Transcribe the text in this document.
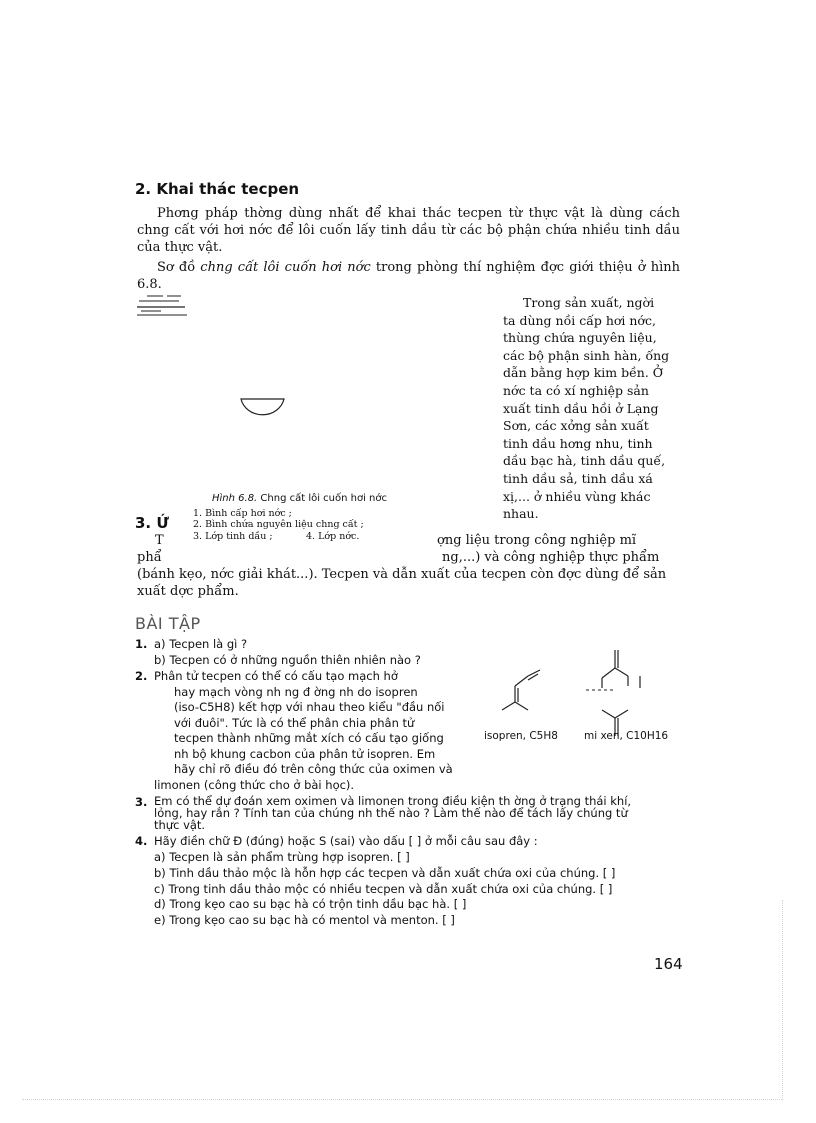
2. Khai thác tecpen
Phơng pháp thờng dùng nhất để khai thác tecpen từ thực vật là dùng cách chng cất với hơi nớc để lôi cuốn lấy tinh dầu từ các bộ phận chứa nhiều tinh dầu của thực vật.
Sơ đồ chng cất lôi cuốn hơi nớc trong phòng thí nghiệm đợc giới thiệu ở hình 6.8.
Trong sản xuất, ngời
ta dùng nồi cấp hơi nớc,
thùng chứa nguyên liệu,
các bộ phận sinh hàn, ống
dẫn bằng hợp kim bền. Ở
nớc ta có xí nghiệp sản
xuất tinh dầu hồi ở Lạng
Sơn, các xởng sản xuất
tinh dầu hơng nhu, tinh
dầu bạc hà, tinh dầu quế,
tinh dầu sả, tinh dầu xá
xị,... ở nhiều vùng khác
nhau.
Hình 6.8. Chng cất lôi cuốn hơi nớc
1. Bình cấp hơi nớc ;
2. Bình chứa nguyên liệu chng cất ;
3. Lớp tinh dầu ;	4. Lớp nớc.
3. Ứ
T	ợng liệu trong công nghiệp mĩ
phẩ	ng,...) và công nghiệp thực phẩm
(bánh kẹo, nớc giải khát...). Tecpen và dẫn xuất của tecpen còn đợc dùng để sản
xuất dợc phẩm.
BÀI TẬP
1. a) Tecpen là gì ?
b) Tecpen có ở những nguồn thiên nhiên nào ?
2. Phân tử tecpen có thể có cấu tạo mạch hở
hay mạch vòng nh ng đ ờng nh do isopren
(iso-C5H8) kết hợp với nhau theo kiểu "đầu nối
với đuôi". Tức là có thể phân chia phân tử
tecpen thành những mắt xích có cấu tạo giống
nh bộ khung cacbon của phân tử isopren. Em
hãy chỉ rõ điều đó trên công thức của oximen và
limonen (công thức cho ở bài học).
isopren, C5H8 mi xen, C10H16
3. Em có thể dự đoán xem oximen và limonen trong điều kiện th ờng ở trạng thái khí,
lỏng, hay rắn ? Tính tan của chúng nh thế nào ? Làm thế nào để tách lấy chúng từ
thực vật.
4. Hãy điền chữ Đ (đúng) hoặc S (sai) vào dấu [ ] ở mỗi câu sau đây :
a) Tecpen là sản phẩm trùng hợp isopren. [ ]
b) Tinh dầu thảo mộc là hỗn hợp các tecpen và dẫn xuất chứa oxi của chúng. [ ]
c) Trong tinh dầu thảo mộc có nhiều tecpen và dẫn xuất chứa oxi của chúng. [ ]
d) Trong kẹo cao su bạc hà có trộn tinh dầu bạc hà. [ ]
e) Trong kẹo cao su bạc hà có mentol và menton. [ ]
164
